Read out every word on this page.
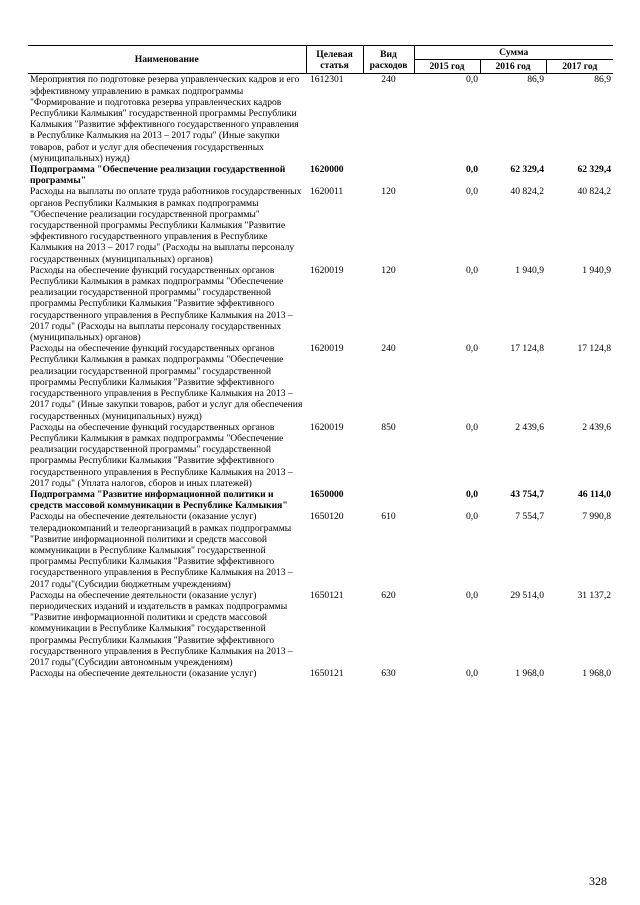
Наименование	Целевая статья	Вид расходов	Сумма		
			2015 год	2016 год	2017 год
Мероприятия по подготовке резерва управленческих кадров и его эффективному управлению в рамках подпрограммы "Формирование и подготовка резерва управленческих кадров Республики Калмыкия" государственной программы Республики Калмыкия "Развитие эффективного государственного управления в Республике Калмыкия на 2013 – 2017 годы" (Иные закупки товаров, работ и услуг для обеспечения государственных (муниципальных) нужд)	1612301	240	0,0	86,9	86,9
Подпрограмма "Обеспечение реализации государственной программы"	1620000		0,0	62 329,4	62 329,4
Расходы на выплаты по оплате труда работников государственных органов Республики Калмыкия в рамках подпрограммы "Обеспечение реализации государственной программы" государственной программы Республики Калмыкия "Развитие эффективного государственного управления в Республике Калмыкия на 2013 – 2017 годы" (Расходы на выплаты персоналу государственных (муниципальных) органов)	1620011	120	0,0	40 824,2	40 824,2
Расходы на обеспечение функций государственных органов Республики Калмыкия в рамках подпрограммы "Обеспечение реализации государственной программы" государственной программы Республики Калмыкия "Развитие эффективного государственного управления в Республике Калмыкия на 2013 – 2017 годы" (Расходы на выплаты персоналу государственных (муниципальных) органов)	1620019	120	0,0	1 940,9	1 940,9
Расходы на обеспечение функций государственных органов Республики Калмыкия в рамках подпрограммы "Обеспечение реализации государственной программы" государственной программы Республики Калмыкия "Развитие эффективного государственного управления в Республике Калмыкия на 2013 – 2017 годы" (Иные закупки товаров, работ и услуг для обеспечения государственных (муниципальных) нужд)	1620019	240	0,0	17 124,8	17 124,8
Расходы на обеспечение функций государственных органов Республики Калмыкия в рамках подпрограммы "Обеспечение реализации государственной программы" государственной программы Республики Калмыкия "Развитие эффективного государственного управления в Республике Калмыкия на 2013 – 2017 годы" (Уплата налогов, сборов и иных платежей)	1620019	850	0,0	2 439,6	2 439,6
Подпрограмма "Развитие информационной политики и средств массовой коммуникации в Республике Калмыкия"	1650000		0,0	43 754,7	46 114,0
Расходы на обеспечение деятельности (оказание услуг) телерадиокомпаний и телеорганизаций в рамках подпрограммы "Развитие информационной политики и средств массовой коммуникации в Республике Калмыкия" государственной программы Республики Калмыкия "Развитие эффективного государственного управления в Республике Калмыкия на 2013 – 2017 годы"(Субсидии бюджетным учреждениям)	1650120	610	0,0	7 554,7	7 990,8
Расходы на обеспечение деятельности (оказание услуг) периодических изданий и издательств в рамках подпрограммы "Развитие информационной политики и средств массовой коммуникации в Республике Калмыкия" государственной программы Республики Калмыкия "Развитие эффективного государственного управления в Республике Калмыкия на 2013 – 2017 годы"(Субсидии автономным учреждениям)	1650121	620	0,0	29 514,0	31 137,2
Расходы на обеспечение деятельности (оказание услуг)	1650121	630	0,0	1 968,0	1 968,0
328
